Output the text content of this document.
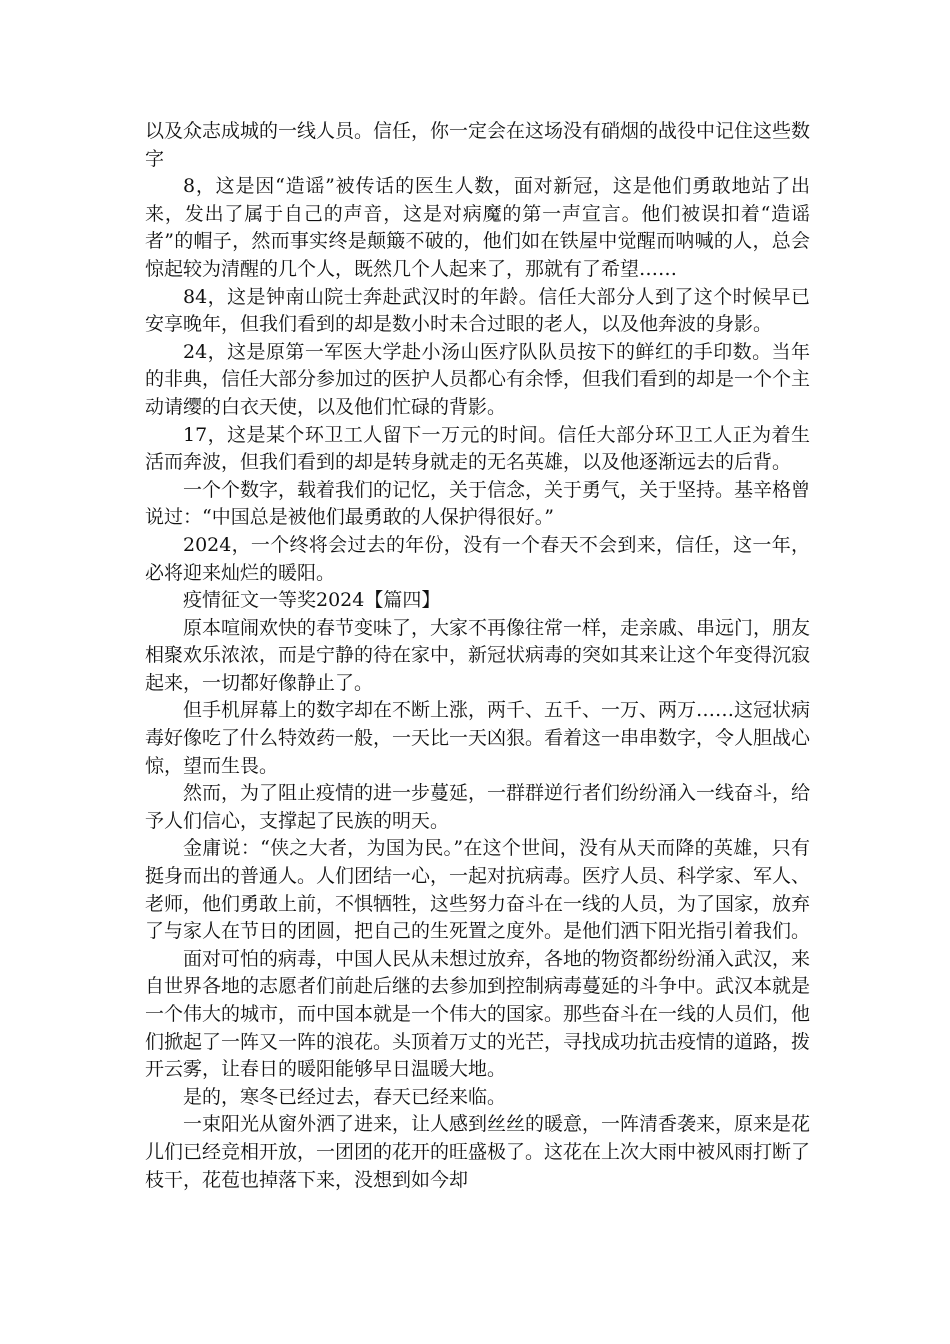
以及众志成城的一线人员。信任，你一定会在这场没有硝烟的战役中记住这些数字

8，这是因“造谣”被传话的医生人数，面对新冠，这是他们勇敢地站了出来，发出了属于自己的声音，这是对病魔的第一声宣言。他们被误扣着“造谣者”的帽子，然而事实终是颠簸不破的，他们如在铁屋中觉醒而呐喊的人，总会惊起较为清醒的几个人，既然几个人起来了，那就有了希望……

84，这是钟南山院士奔赴武汉时的年龄。信任大部分人到了这个时候早已安享晚年，但我们看到的却是数小时未合过眼的老人，以及他奔波的身影。

24，这是原第一军医大学赴小汤山医疗队队员按下的鲜红的手印数。当年的非典，信任大部分参加过的医护人员都心有余悸，但我们看到的却是一个个主动请缨的白衣天使，以及他们忙碌的背影。

17，这是某个环卫工人留下一万元的时间。信任大部分环卫工人正为着生活而奔波，但我们看到的却是转身就走的无名英雄，以及他逐渐远去的后背。

一个个数字，载着我们的记忆，关于信念，关于勇气，关于坚持。基辛格曾说过：“中国总是被他们最勇敢的人保护得很好。”

2024，一个终将会过去的年份，没有一个春天不会到来，信任，这一年，必将迎来灿烂的暖阳。

疫情征文一等奖2024【篇四】

原本喧闹欢快的春节变味了，大家不再像往常一样，走亲戚、串远门，朋友相聚欢乐浓浓，而是宁静的待在家中，新冠状病毒的突如其来让这个年变得沉寂起来，一切都好像静止了。

但手机屏幕上的数字却在不断上涨，两千、五千、一万、两万……这冠状病毒好像吃了什么特效药一般，一天比一天凶狠。看着这一串串数字，令人胆战心惊，望而生畏。

然而，为了阻止疫情的进一步蔓延，一群群逆行者们纷纷涌入一线奋斗，给予人们信心，支撑起了民族的明天。

金庸说：“侠之大者，为国为民。”在这个世间，没有从天而降的英雄，只有挺身而出的普通人。人们团结一心，一起对抗病毒。医疗人员、科学家、军人、老师，他们勇敢上前，不惧牺牲，这些努力奋斗在一线的人员，为了国家，放弃了与家人在节日的团圆，把自己的生死置之度外。是他们洒下阳光指引着我们。

面对可怕的病毒，中国人民从未想过放弃，各地的物资都纷纷涌入武汉，来自世界各地的志愿者们前赴后继的去参加到控制病毒蔓延的斗争中。武汉本就是一个伟大的城市，而中国本就是一个伟大的国家。那些奋斗在一线的人员们，他们掀起了一阵又一阵的浪花。头顶着万丈的光芒，寻找成功抗击疫情的道路，拨开云雾，让春日的暖阳能够早日温暖大地。

是的，寒冬已经过去，春天已经来临。

一束阳光从窗外洒了进来，让人感到丝丝的暖意，一阵清香袭来，原来是花儿们已经竞相开放，一团团的花开的旺盛极了。这花在上次大雨中被风雨打断了枝干，花苞也掉落下来，没想到如今却
